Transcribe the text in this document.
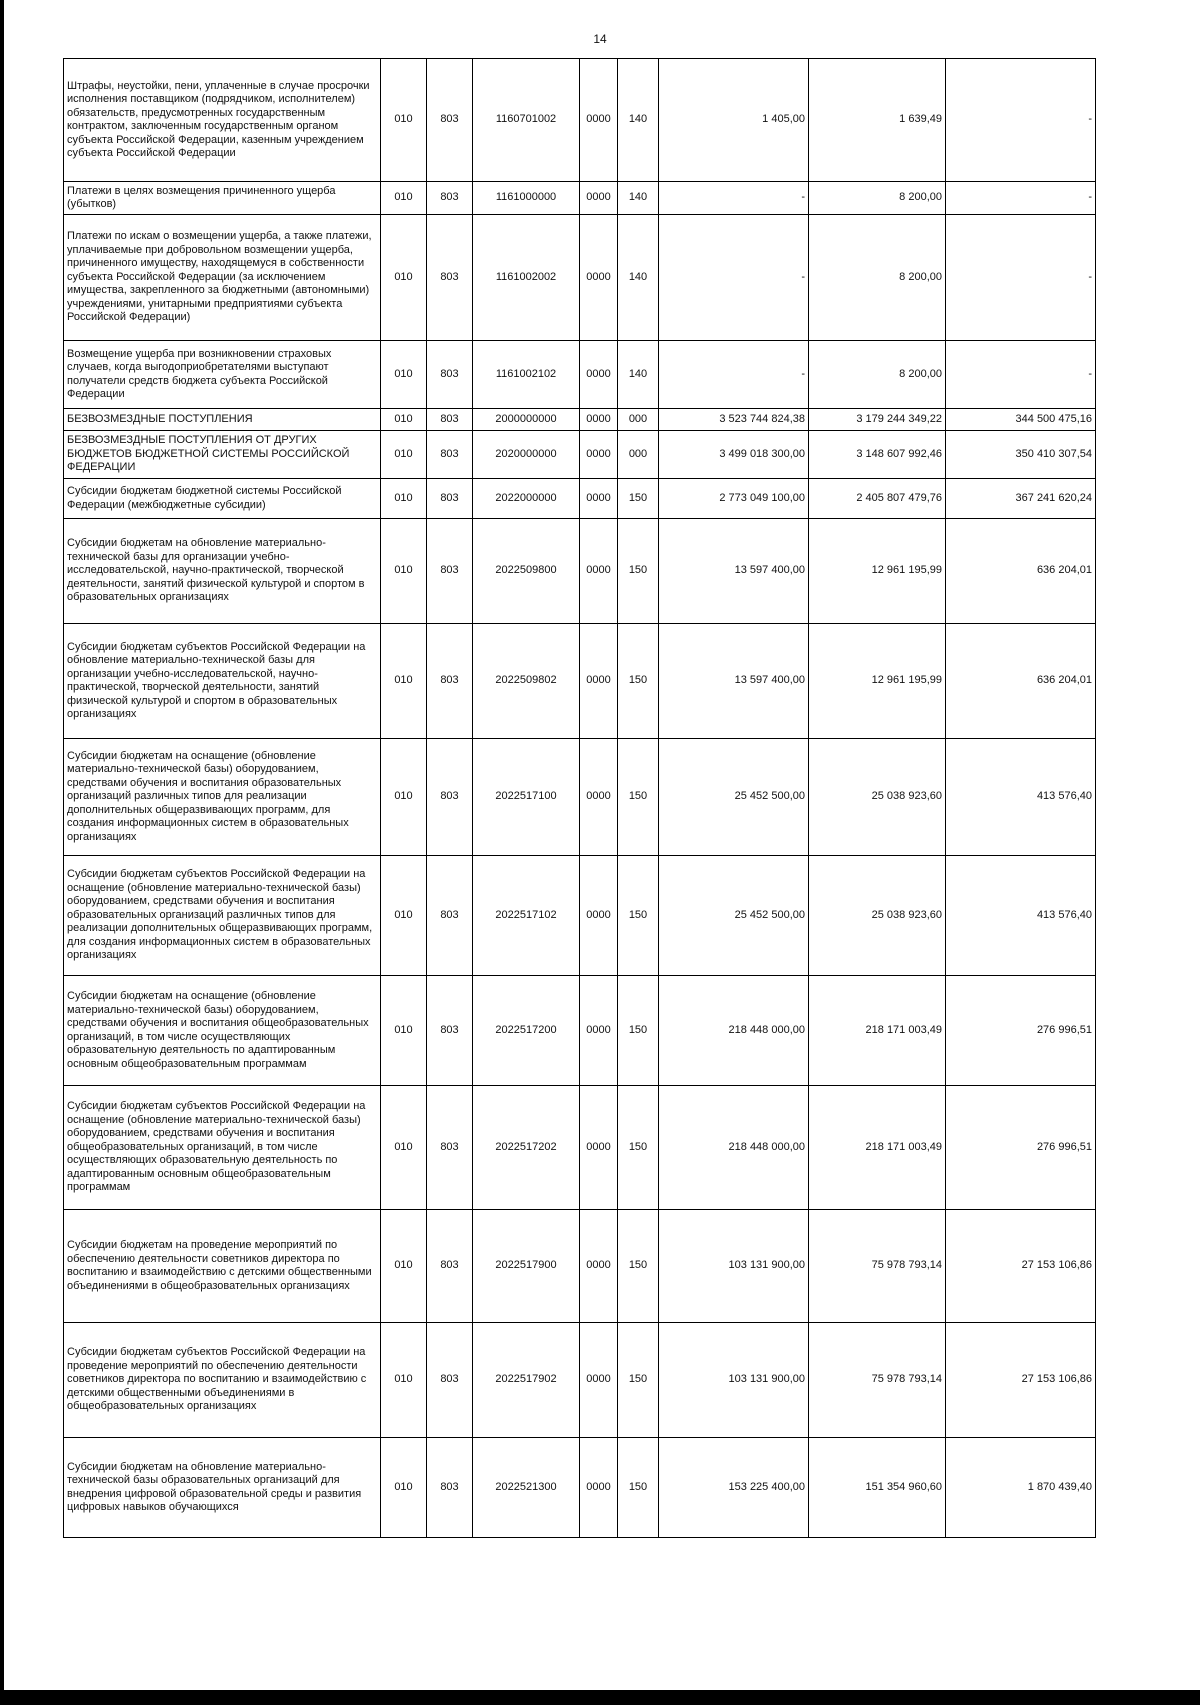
14
Штрафы, неустойки, пени, уплаченные в случае просрочки исполнения поставщиком (подрядчиком, исполнителем) обязательств, предусмотренных государственным контрактом, заключенным государственным органом субъекта Российской Федерации, казенным учреждением субъекта Российской Федерации	010	803	1160701002	0000	140	1 405,00	1 639,49	-
Платежи в целях возмещения причиненного ущерба (убытков)	010	803	1161000000	0000	140	-	8 200,00	-
Платежи по искам о возмещении ущерба, а также платежи, уплачиваемые при добровольном возмещении ущерба, причиненного имуществу, находящемуся в собственности субъекта Российской Федерации (за исключением имущества, закрепленного за бюджетными (автономными) учреждениями, унитарными предприятиями субъекта Российской Федерации)	010	803	1161002002	0000	140	-	8 200,00	-
Возмещение ущерба при возникновении страховых случаев, когда выгодоприобретателями выступают получатели средств бюджета субъекта Российской Федерации	010	803	1161002102	0000	140	-	8 200,00	-
БЕЗВОЗМЕЗДНЫЕ ПОСТУПЛЕНИЯ	010	803	2000000000	0000	000	3 523 744 824,38	3 179 244 349,22	344 500 475,16
БЕЗВОЗМЕЗДНЫЕ ПОСТУПЛЕНИЯ ОТ ДРУГИХ БЮДЖЕТОВ БЮДЖЕТНОЙ СИСТЕМЫ РОССИЙСКОЙ ФЕДЕРАЦИИ	010	803	2020000000	0000	000	3 499 018 300,00	3 148 607 992,46	350 410 307,54
Субсидии бюджетам бюджетной системы Российской Федерации (межбюджетные субсидии)	010	803	2022000000	0000	150	2 773 049 100,00	2 405 807 479,76	367 241 620,24
Субсидии бюджетам на обновление материально-технической базы для организации учебно-исследовательской, научно-практической, творческой деятельности, занятий физической культурой и спортом в образовательных организациях	010	803	2022509800	0000	150	13 597 400,00	12 961 195,99	636 204,01
Субсидии бюджетам субъектов Российской Федерации на обновление материально-технической базы для организации учебно-исследовательской, научно-практической, творческой деятельности, занятий физической культурой и спортом в образовательных организациях	010	803	2022509802	0000	150	13 597 400,00	12 961 195,99	636 204,01
Субсидии бюджетам на оснащение (обновление материально-технической базы) оборудованием, средствами обучения и воспитания образовательных организаций различных типов для реализации дополнительных общеразвивающих программ, для создания информационных систем в образовательных организациях	010	803	2022517100	0000	150	25 452 500,00	25 038 923,60	413 576,40
Субсидии бюджетам субъектов Российской Федерации на оснащение (обновление материально-технической базы) оборудованием, средствами обучения и воспитания образовательных организаций различных типов для реализации дополнительных общеразвивающих программ, для создания информационных систем в образовательных организациях	010	803	2022517102	0000	150	25 452 500,00	25 038 923,60	413 576,40
Субсидии бюджетам на оснащение (обновление материально-технической базы) оборудованием, средствами обучения и воспитания общеобразовательных организаций, в том числе осуществляющих образовательную деятельность по адаптированным основным общеобразовательным программам	010	803	2022517200	0000	150	218 448 000,00	218 171 003,49	276 996,51
Субсидии бюджетам субъектов Российской Федерации на оснащение (обновление материально-технической базы) оборудованием, средствами обучения и воспитания общеобразовательных организаций, в том числе осуществляющих образовательную деятельность по адаптированным основным общеобразовательным программам	010	803	2022517202	0000	150	218 448 000,00	218 171 003,49	276 996,51
Субсидии бюджетам на проведение мероприятий по обеспечению деятельности советников директора по воспитанию и взаимодействию с детскими общественными объединениями в общеобразовательных организациях	010	803	2022517900	0000	150	103 131 900,00	75 978 793,14	27 153 106,86
Субсидии бюджетам субъектов Российской Федерации на проведение мероприятий по обеспечению деятельности советников директора по воспитанию и взаимодействию с детскими общественными объединениями в общеобразовательных организациях	010	803	2022517902	0000	150	103 131 900,00	75 978 793,14	27 153 106,86
Субсидии бюджетам на обновление материально-технической базы образовательных организаций для внедрения цифровой образовательной среды и развития цифровых навыков обучающихся	010	803	2022521300	0000	150	153 225 400,00	151 354 960,60	1 870 439,40
